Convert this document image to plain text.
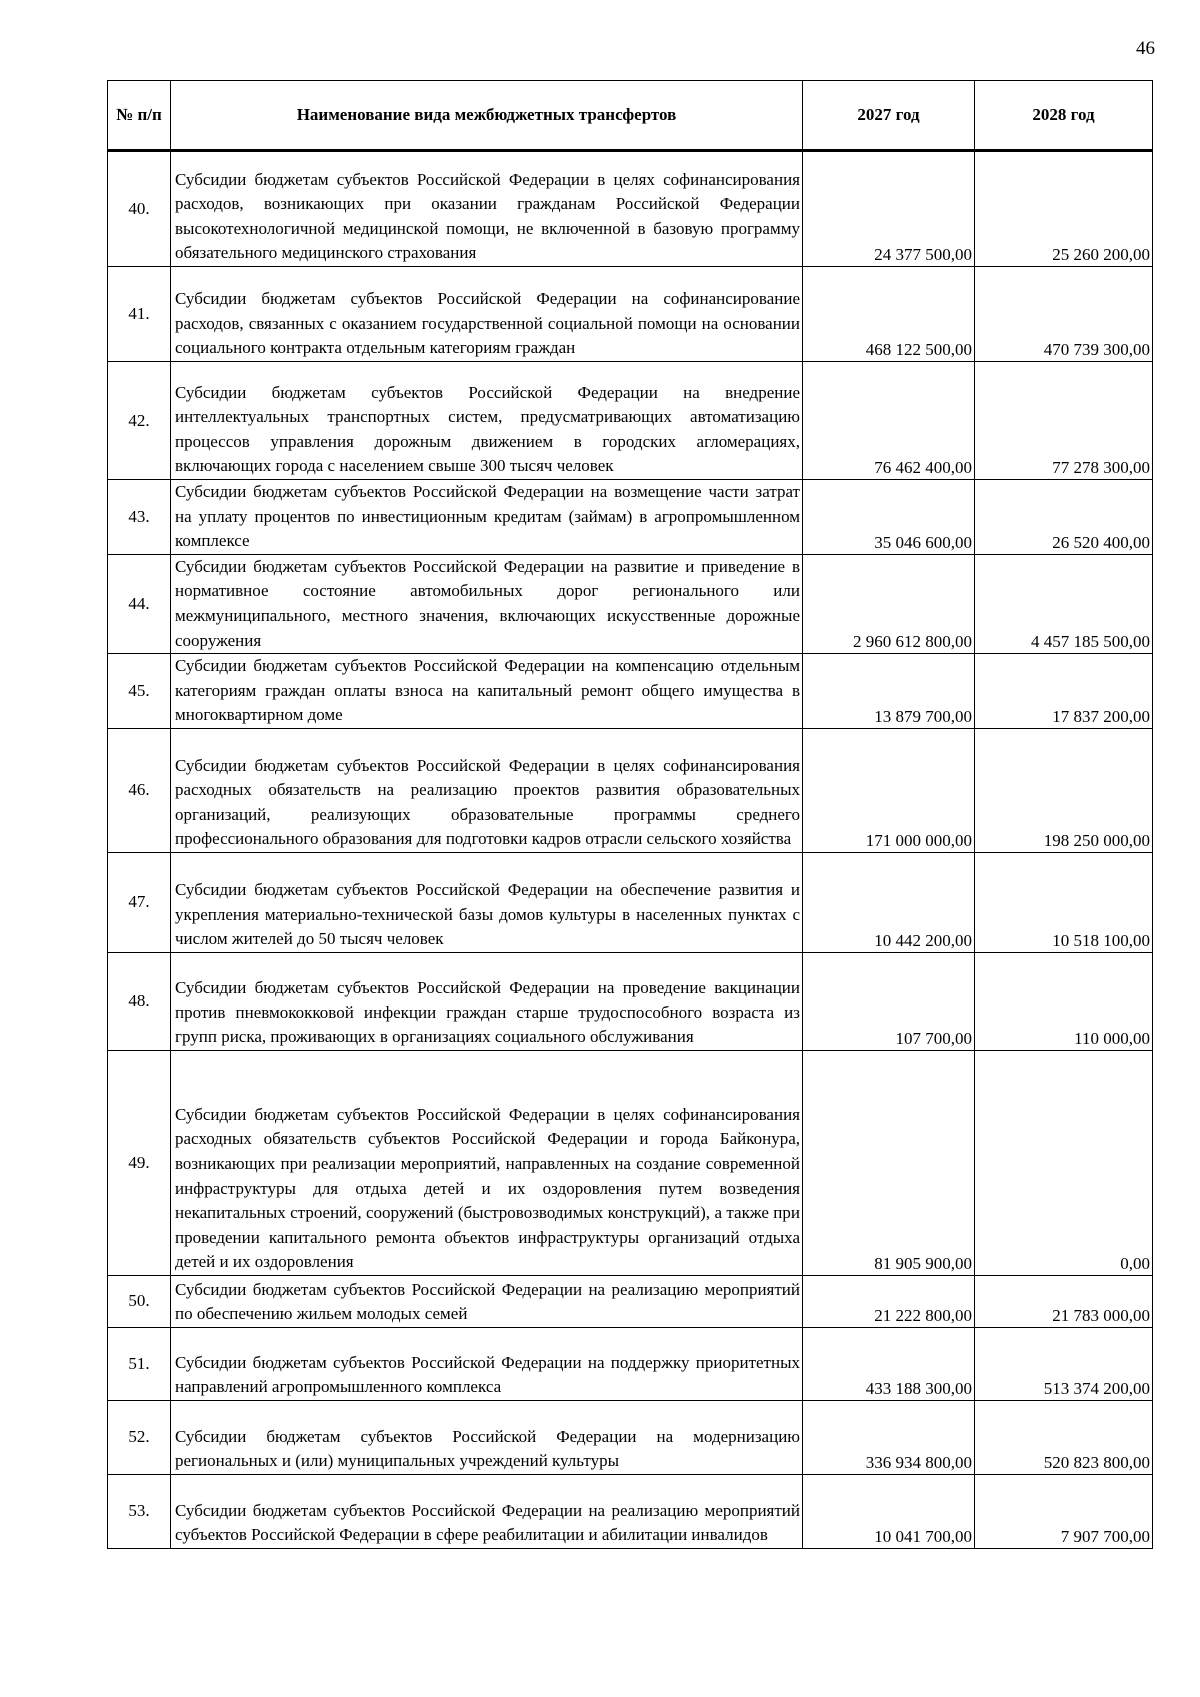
46
№ п/п	Наименование вида межбюджетных трансфертов	2027 год	2028 год
40.	Субсидии бюджетам субъектов Российской Федерации в целях софинансирования расходов, возникающих при оказании гражданам Российской Федерации высокотехнологичной медицинской помощи, не включенной в базовую программу обязательного медицинского страхования	24 377 500,00	25 260 200,00
41.	Субсидии бюджетам субъектов Российской Федерации на софинансирование расходов, связанных с оказанием государственной социальной помощи на основании социального контракта отдельным категориям граждан	468 122 500,00	470 739 300,00
42.	Субсидии бюджетам субъектов Российской Федерации на внедрение интеллектуальных транспортных систем, предусматривающих автоматизацию процессов управления дорожным движением в городских агломерациях, включающих города с населением свыше 300 тысяч человек	76 462 400,00	77 278 300,00
43.	Субсидии бюджетам субъектов Российской Федерации на возмещение части затрат на уплату процентов по инвестиционным кредитам (займам) в агропромышленном комплексе	35 046 600,00	26 520 400,00
44.	Субсидии бюджетам субъектов Российской Федерации на развитие и приведение в нормативное состояние автомобильных дорог регионального или межмуниципального, местного значения, включающих искусственные дорожные сооружения	2 960 612 800,00	4 457 185 500,00
45.	Субсидии бюджетам субъектов Российской Федерации на компенсацию отдельным категориям граждан оплаты взноса на капитальный ремонт общего имущества в многоквартирном доме	13 879 700,00	17 837 200,00
46.	Субсидии бюджетам субъектов Российской Федерации в целях софинансирования расходных обязательств на реализацию проектов развития образовательных организаций, реализующих образовательные программы среднего профессионального образования для подготовки кадров отрасли сельского хозяйства	171 000 000,00	198 250 000,00
47.	Субсидии бюджетам субъектов Российской Федерации на обеспечение развития и укрепления материально-технической базы домов культуры в населенных пунктах с числом жителей до 50 тысяч человек	10 442 200,00	10 518 100,00
48.	Субсидии бюджетам субъектов Российской Федерации на проведение вакцинации против пневмококковой инфекции граждан старше трудоспособного возраста из групп риска, проживающих в организациях социального обслуживания	107 700,00	110 000,00
49.	Субсидии бюджетам субъектов Российской Федерации в целях софинансирования расходных обязательств субъектов Российской Федерации и города Байконура, возникающих при реализации мероприятий, направленных на создание современной инфраструктуры для отдыха детей и их оздоровления путем возведения некапитальных строений, сооружений (быстровозводимых конструкций), а также при проведении капитального ремонта объектов инфраструктуры организаций отдыха детей и их оздоровления	81 905 900,00	0,00
50.	Субсидии бюджетам субъектов Российской Федерации на реализацию мероприятий по обеспечению жильем молодых семей	21 222 800,00	21 783 000,00
51.	Субсидии бюджетам субъектов Российской Федерации на поддержку приоритетных направлений агропромышленного комплекса	433 188 300,00	513 374 200,00
52.	Субсидии бюджетам субъектов Российской Федерации на модернизацию региональных и (или) муниципальных учреждений культуры	336 934 800,00	520 823 800,00
53.	Субсидии бюджетам субъектов Российской Федерации на реализацию мероприятий субъектов Российской Федерации в сфере реабилитации и абилитации инвалидов	10 041 700,00	7 907 700,00
